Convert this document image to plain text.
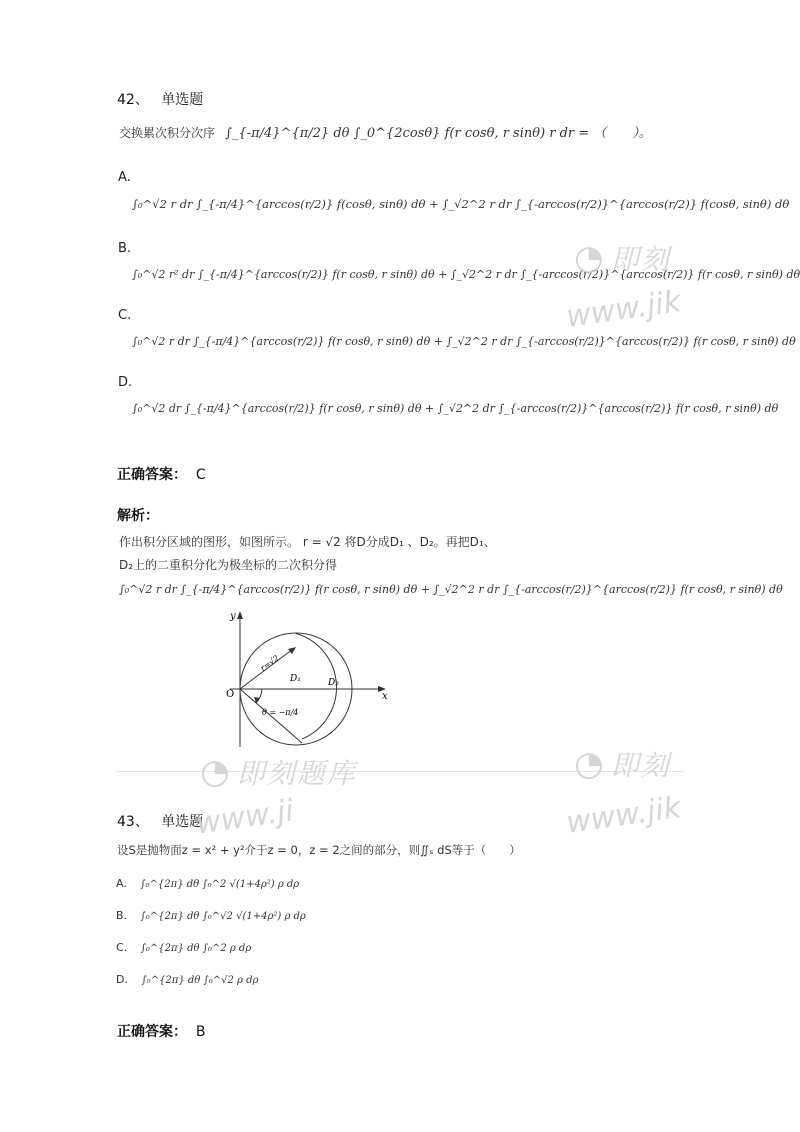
42、 单选题
交换累次积分次序 ∫_{-π/4}^{π/2} dθ ∫_0^{2cosθ} f(r cosθ, r sinθ) r dr = （　　）。
A.
∫₀^√2 r dr ∫_{-π/4}^{arccos(r/2)} f(cosθ, sinθ) dθ + ∫_√2^2 r dr ∫_{-arccos(r/2)}^{arccos(r/2)} f(cosθ, sinθ) dθ
B.
∫₀^√2 r² dr ∫_{-π/4}^{arccos(r/2)} f(r cosθ, r sinθ) dθ + ∫_√2^2 r dr ∫_{-arccos(r/2)}^{arccos(r/2)} f(r cosθ, r sinθ) dθ
C.
∫₀^√2 r dr ∫_{-π/4}^{arccos(r/2)} f(r cosθ, r sinθ) dθ + ∫_√2^2 r dr ∫_{-arccos(r/2)}^{arccos(r/2)} f(r cosθ, r sinθ) dθ
D.
∫₀^√2 dr ∫_{-π/4}^{arccos(r/2)} f(r cosθ, r sinθ) dθ + ∫_√2^2 dr ∫_{-arccos(r/2)}^{arccos(r/2)} f(r cosθ, r sinθ) dθ
正确答案： C
解析：
作出积分区域的图形，如图所示。 r = √2 将D分成D₁ 、D₂。再把D₁、
D₂上的二重积分化为极坐标的二次积分得
∫₀^√2 r dr ∫_{-π/4}^{arccos(r/2)} f(r cosθ, r sinθ) dθ + ∫_√2^2 r dr ∫_{-arccos(r/2)}^{arccos(r/2)} f(r cosθ, r sinθ) dθ
y
x
O
r=√2
D₁	D₂
θ = −π/4
43、 单选题
设S是抛物面z = x² + y²介于z = 0，z = 2之间的部分，则∬ₛ dS等于（　　）
A. ∫₀^{2π} dθ ∫₀^2 √(1+4ρ²) ρ dρ
B. ∫₀^{2π} dθ ∫₀^√2 √(1+4ρ²) ρ dρ
C. ∫₀^{2π} dθ ∫₀^2 ρ dρ
D. ∫₀^{2π} dθ ∫₀^√2 ρ dρ
正确答案： B
◔ 即刻
www.jik
◔ 即刻题库
www.ji
◔ 即刻
www.jik
